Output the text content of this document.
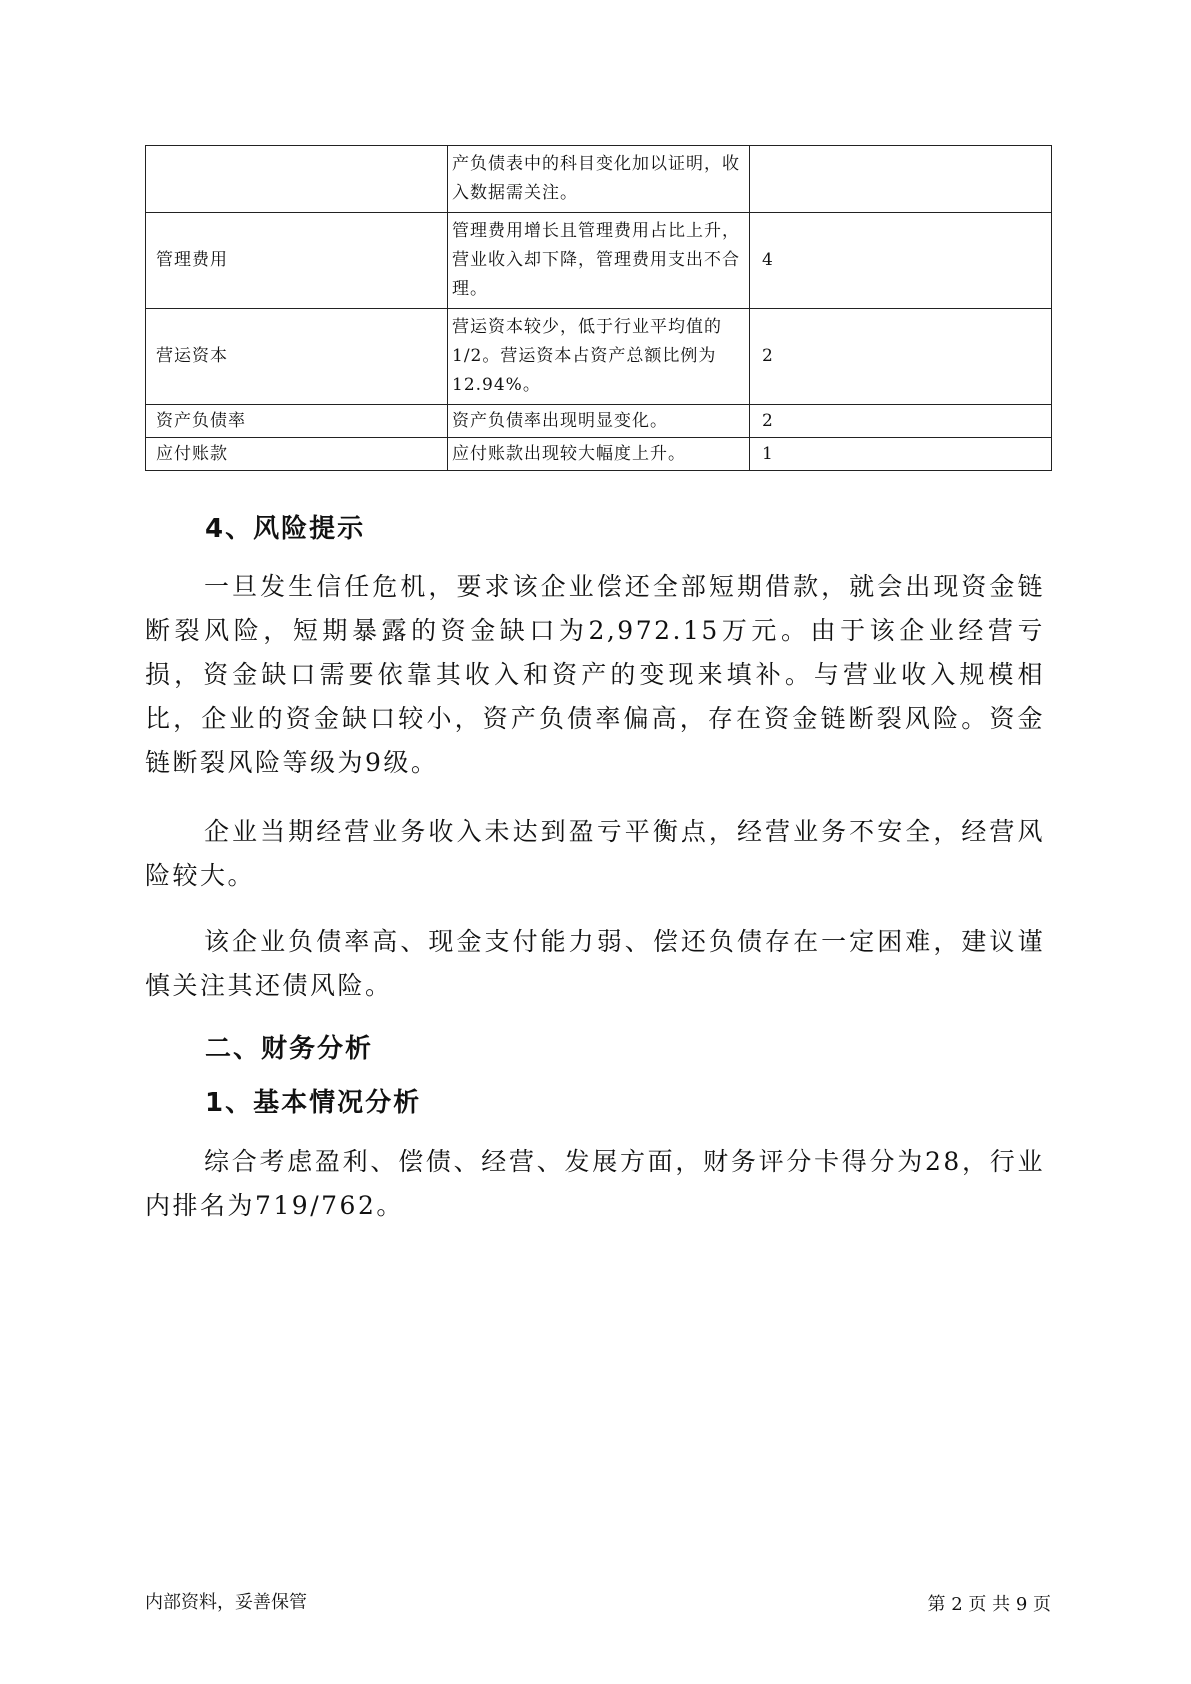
	产负债表中的科目变化加以证明，收入数据需关注。	
管理费用	管理费用增长且管理费用占比上升，营业收入却下降，管理费用支出不合理。	4
营运资本	营运资本较少，低于行业平均值的1/2。营运资本占资产总额比例为12.94%。	2
资产负债率	资产负债率出现明显变化。	2
应付账款	应付账款出现较大幅度上升。	1
4、风险提示

一旦发生信任危机，要求该企业偿还全部短期借款，就会出现资金链断裂风险，短期暴露的资金缺口为2,972.15万元。由于该企业经营亏损，资金缺口需要依靠其收入和资产的变现来填补。与营业收入规模相比，企业的资金缺口较小，资产负债率偏高，存在资金链断裂风险。资金链断裂风险等级为9级。

企业当期经营业务收入未达到盈亏平衡点，经营业务不安全，经营风险较大。

该企业负债率高、现金支付能力弱、偿还负债存在一定困难，建议谨慎关注其还债风险。

二、财务分析
1、基本情况分析

综合考虑盈利、偿债、经营、发展方面，财务评分卡得分为28，行业内排名为719/762。

内部资料，妥善保管	第 2 页 共 9 页
